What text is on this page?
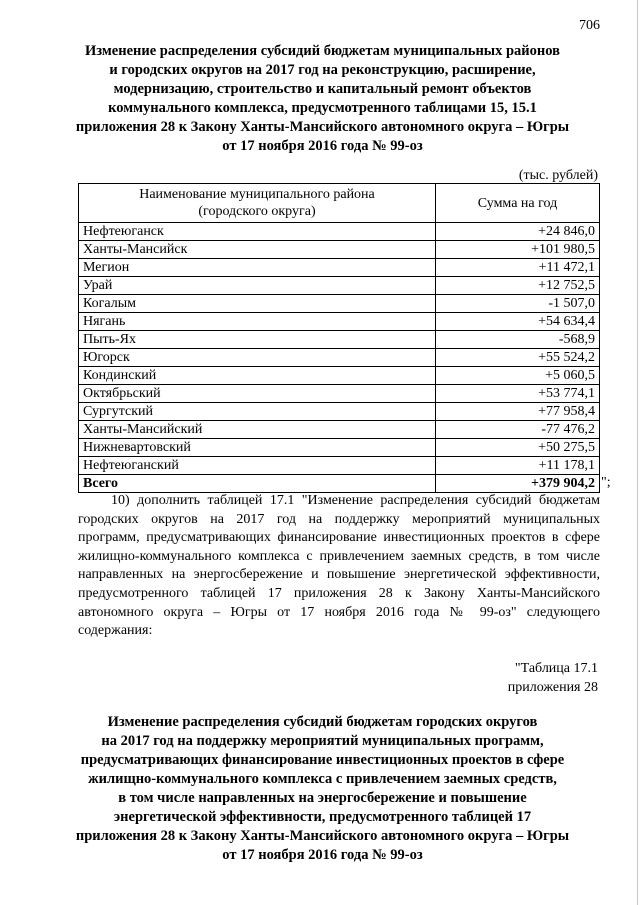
706
Изменение распределения субсидий бюджетам муниципальных районов
и городских округов на 2017 год на реконструкцию, расширение,
модернизацию, строительство и капитальный ремонт объектов
коммунального комплекса, предусмотренного таблицами 15, 15.1
приложения 28 к Закону Ханты-Мансийского автономного округа – Югры
от 17 ноября 2016 года № 99-оз
(тыс. рублей)
Наименование муниципального района
(городского округа)	Сумма на год
Нефтеюганск	+24 846,0
Ханты-Мансийск	+101 980,5
Мегион	+11 472,1
Урай	+12 752,5
Когалым	-1 507,0
Нягань	+54 634,4
Пыть-Ях	-568,9
Югорск	+55 524,2
Кондинский	+5 060,5
Октябрьский	+53 774,1
Сургутский	+77 958,4
Ханты-Мансийский	-77 476,2
Нижневартовский	+50 275,5
Нефтеюганский	+11 178,1
Всего	+379 904,2 ";
10) дополнить таблицей 17.1 "Изменение распределения субсидий бюджетам
городских округов на 2017 год на поддержку мероприятий муниципальных
программ, предусматривающих финансирование инвестиционных проектов в сфере
жилищно-коммунального комплекса с привлечением заемных средств, в том числе
направленных на энергосбережение и повышение энергетической эффективности,
предусмотренного таблицей 17 приложения 28 к Закону Ханты-Мансийского
автономного округа – Югры от 17 ноября 2016 года № 99-оз" следующего
содержания:
"Таблица 17.1
приложения 28
Изменение распределения субсидий бюджетам городских округов
на 2017 год на поддержку мероприятий муниципальных программ,
предусматривающих финансирование инвестиционных проектов в сфере
жилищно-коммунального комплекса с привлечением заемных средств,
в том числе направленных на энергосбережение и повышение
энергетической эффективности, предусмотренного таблицей 17
приложения 28 к Закону Ханты-Мансийского автономного округа – Югры
от 17 ноября 2016 года № 99-оз
